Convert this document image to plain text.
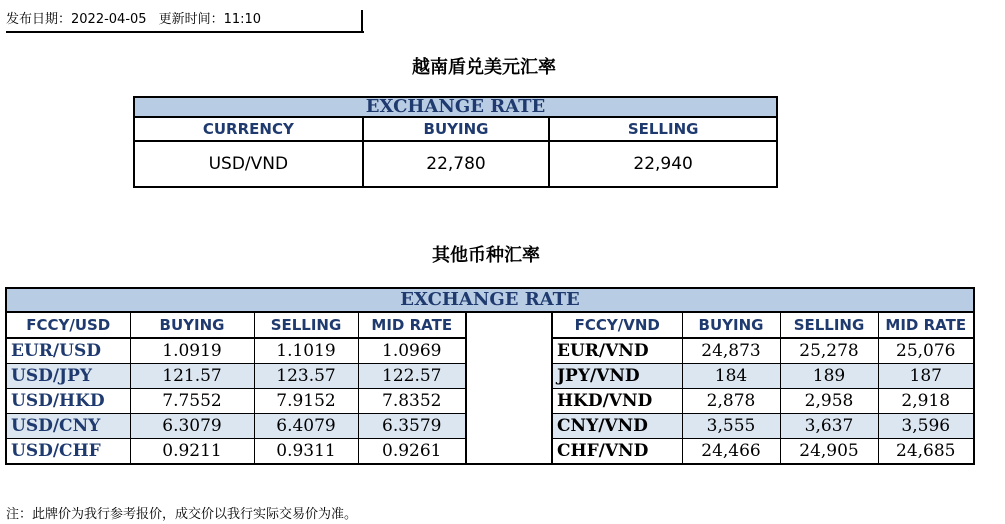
发布日期：2022-04-05 更新时间：11:10
越南盾兑美元汇率
EXCHANGE RATE		
CURRENCY	BUYING	SELLING
USD/VND	22,780	22,940
其他币种汇率
EXCHANGE RATE								
FCCY/USD	BUYING	SELLING	MID RATE		FCCY/VND	BUYING	SELLING	MID RATE
EUR/USD	1.0919	1.1019	1.0969		EUR/VND	24,873	25,278	25,076
USD/JPY	121.57	123.57	122.57		JPY/VND	184	189	187
USD/HKD	7.7552	7.9152	7.8352		HKD/VND	2,878	2,958	2,918
USD/CNY	6.3079	6.4079	6.3579		CNY/VND	3,555	3,637	3,596
USD/CHF	0.9211	0.9311	0.9261		CHF/VND	24,466	24,905	24,685
注：此牌价为我行参考报价，成交价以我行实际交易价为准。
